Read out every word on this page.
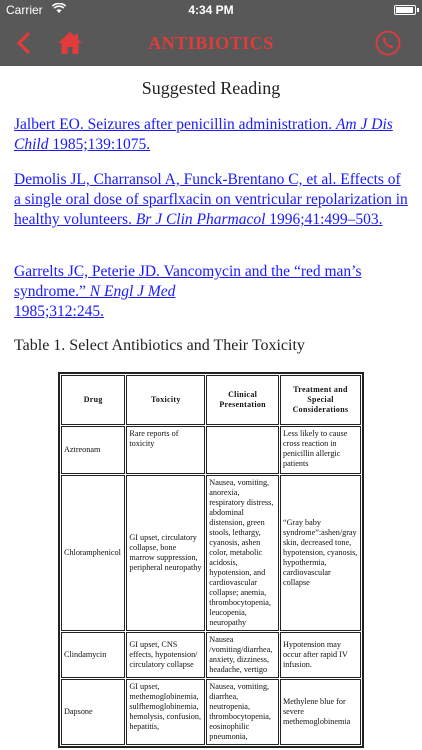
Carrier	4:34 PM
ANTIBIOTICS
Suggested Reading
Jalbert EO. Seizures after penicillin administration. Am J Dis Child 1985;139:1075.
Demolis JL, Charransol A, Funck-Brentano C, et al. Effects of a single oral dose of sparflxacin on ventricular repolarization in healthy volunteers. Br J Clin Pharmacol 1996;41:499–503.
Garrelts JC, Peterie JD. Vancomycin and the “red man’s syndrome.” N Engl J Med
1985;312:245.
Table 1. Select Antibiotics and Their Toxicity
Drug	Toxicity	Clinical Presentation	Treatment and Special Considerations
Aztreonam	Rare reports of toxicity		Less likely to cause cross reaction in penicillin allergic patients
Chloramphenicol	GI upset, circulatory collapse, bone marrow suppression, peripheral neuropathy	Nausea, vomiting, anorexia, respiratory distress, abdominal distension, green stools, lethargy, cyanosis, ashen color, metabolic acidosis, hypotension, and cardiovascular collapse; anemia, thrombocytopenia, leucopenia, neuropathy	“Gray baby syndrome”:ashen/gray skin, decreased tone, hypotension, cyanosis, hypothermia, cardiovascular collapse
Clindamycin	GI upset, CNS effects, hypotension/ circulatory collapse	Nausea /vomiting/diarrhea, anxiety, dizziness, headache, vertigo	Hypotension may occur after rapid IV infusion.
Dapsone	GI upset, methemoglobinemia, sulfhemoglobinemia, hemolysis, confusion, hepatitis,	Nausea, vomiting, diarrhea, neutropenia, thrombocytopenia, eosinophilic pneumonia,	Methylene blue for severe methemoglobinemia
